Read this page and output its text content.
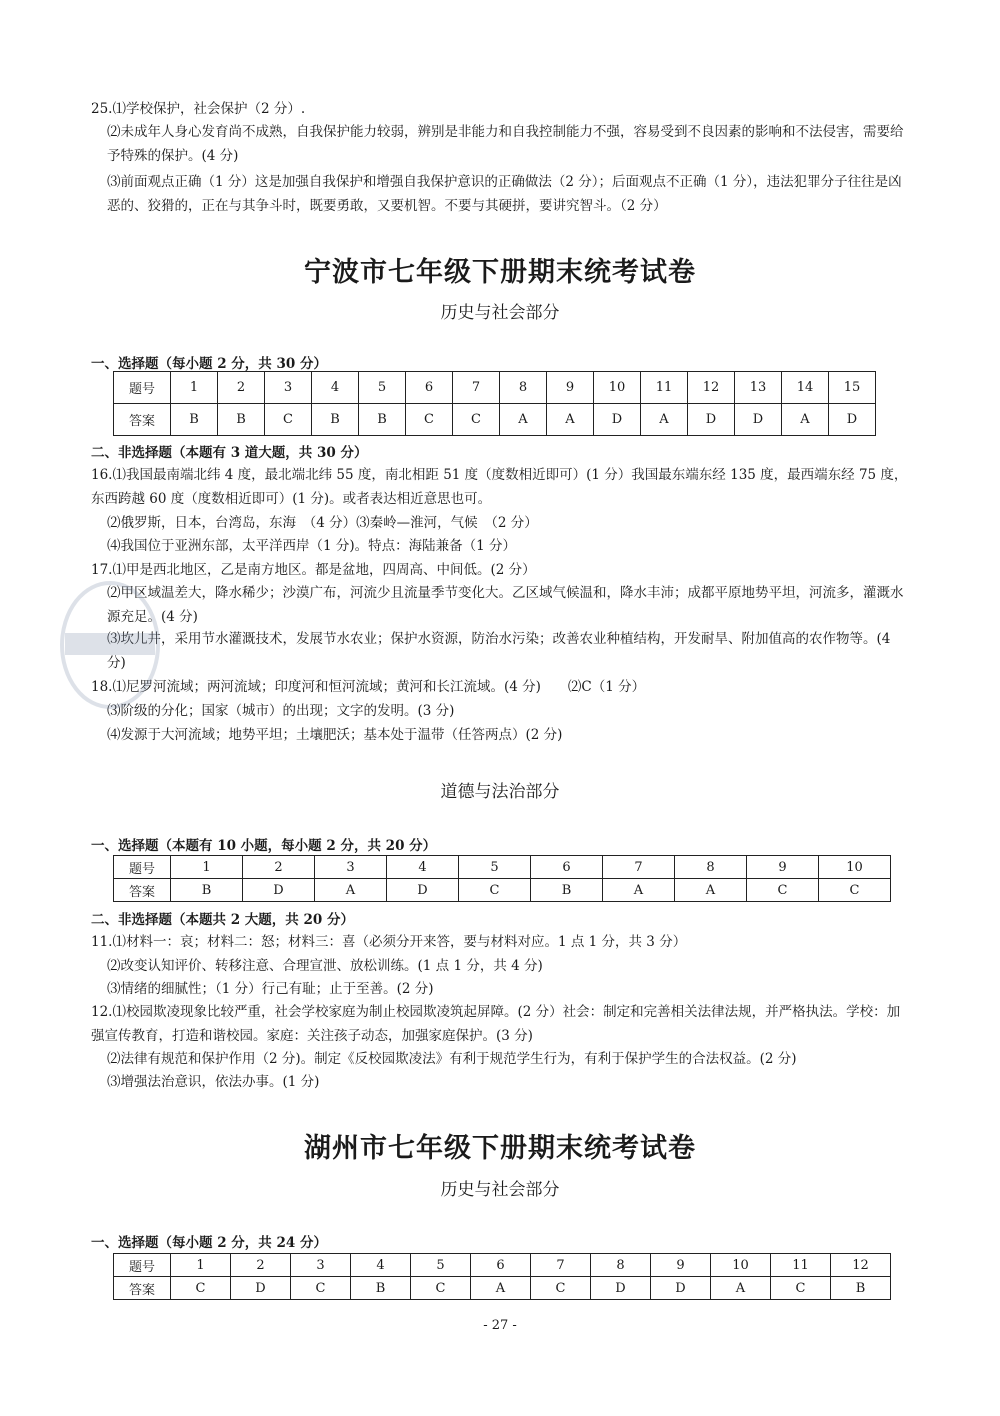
25.⑴学校保护，社会保护（2 分）.
⑵未成年人身心发育尚不成熟，自我保护能力较弱，辨别是非能力和自我控制能力不强，容易受到不良因素的影响和不法侵害，需要给予特殊的保护。(4 分)
⑶前面观点正确（1 分）这是加强自我保护和增强自我保护意识的正确做法（2 分）；后面观点不正确（1 分），违法犯罪分子往往是凶恶的、狡猾的，正在与其争斗时，既要勇敢，又要机智。不要与其硬拼，要讲究智斗。（2 分）
宁波市七年级下册期末统考试卷
历史与社会部分
一、选择题（每小题 2 分，共 30 分）
题号	1	2	3	4	5	6	7	8	9	10	11	12	13	14	15
答案	B	B	C	B	B	C	C	A	A	D	A	D	D	A	D
二、非选择题（本题有 3 道大题，共 30 分）
16.⑴我国最南端北纬 4 度，最北端北纬 55 度，南北相距 51 度（度数相近即可）(1 分）我国最东端东经 135 度，最西端东经 75 度，东西跨越 60 度（度数相近即可）(1 分)。或者表达相近意思也可。
⑵俄罗斯，日本，台湾岛，东海　（4 分）⑶秦岭—淮河，气候　（2 分）
⑷我国位于亚洲东部，太平洋西岸（1 分)。特点：海陆兼备（1 分）
17.⑴甲是西北地区，乙是南方地区。都是盆地，四周高、中间低。(2 分）
⑵甲区域温差大，降水稀少；沙漠广布，河流少且流量季节变化大。乙区域气候温和，降水丰沛；成都平原地势平坦，河流多，灌溉水源充足。(4 分)
⑶坎儿井，采用节水灌溉技术，发展节水农业；保护水资源，防治水污染；改善农业种植结构，开发耐旱、附加值高的农作物等。(4 分)
18.⑴尼罗河流域；两河流域；印度河和恒河流域；黄河和长江流域。(4 分)　　⑵C（1 分）
⑶阶级的分化；国家（城市）的出现；文字的发明。(3 分)
⑷发源于大河流域；地势平坦；土壤肥沃；基本处于温带（任答两点）(2 分)
道德与法治部分
一、选择题（本题有 10 小题，每小题 2 分，共 20 分）
题号	1	2	3	4	5	6	7	8	9	10
答案	B	D	A	D	C	B	A	A	C	C
二、非选择题（本题共 2 大题，共 20 分）
11.⑴材料一：哀；材料二：怒；材料三：喜（必须分开来答，要与材料对应。1 点 1 分，共 3 分）
⑵改变认知评价、转移注意、合理宣泄、放松训练。(1 点 1 分，共 4 分)
⑶情绪的细腻性；（1 分）行己有耻；止于至善。(2 分)
12.⑴校园欺凌现象比较严重，社会学校家庭为制止校园欺凌筑起屏障。(2 分）社会：制定和完善相关法律法规，并严格执法。学校：加强宣传教育，打造和谐校园。家庭：关注孩子动态，加强家庭保护。(3 分)
⑵法律有规范和保护作用（2 分)。制定《反校园欺凌法》有利于规范学生行为，有利于保护学生的合法权益。(2 分)
⑶增强法治意识，依法办事。(1 分)
湖州市七年级下册期末统考试卷
历史与社会部分
一、选择题（每小题 2 分，共 24 分）
题号	1	2	3	4	5	6	7	8	9	10	11	12
答案	C	D	C	B	C	A	C	D	D	A	C	B
- 27 -
